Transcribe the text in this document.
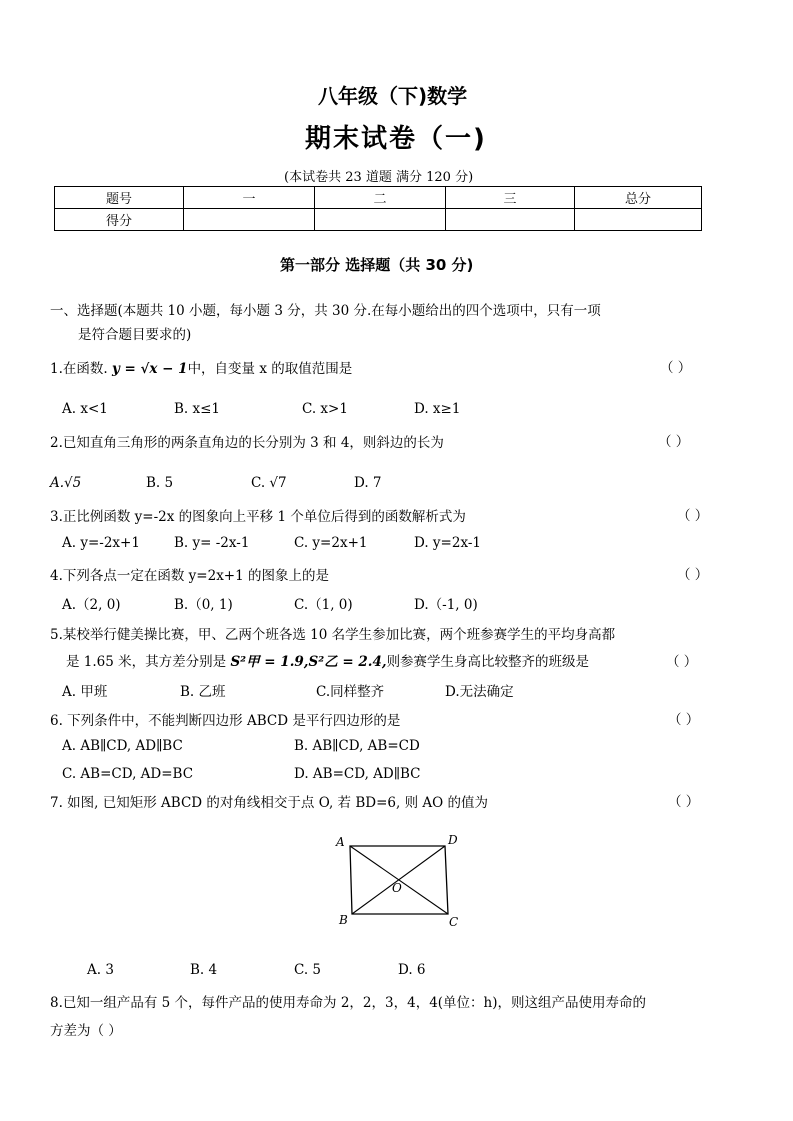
八年级（下)数学
期末试卷（一)
(本试卷共 23 道题 满分 120 分)
题号	一	二	三	总分
得分				
第一部分 选择题（共 30 分)
一、选择题(本题共 10 小题，每小题 3 分，共 30 分.在每小题给出的四个选项中，只有一项
是符合题目要求的)
1.在函数. y = √x − 1中，自变量 x 的取值范围是	（ ）
A. x<1	B. x≤1	C. x>1	D. x≥1
2.已知直角三角形的两条直角边的长分别为 3 和 4，则斜边的长为	（ ）
A.√5	B. 5	C. √7	D. 7
3.正比例函数 y=-2x 的图象向上平移 1 个单位后得到的函数解析式为	（ ）
A. y=-2x+1	B. y= -2x-1	C. y=2x+1	D. y=2x-1
4.下列各点一定在函数 y=2x+1 的图象上的是	（ ）
A.（2, 0)	B.（0, 1)	C.（1, 0)	D.（-1, 0)
5.某校举行健美操比赛，甲、乙两个班各选 10 名学生参加比赛，两个班参赛学生的平均身高都
是 1.65 米，其方差分别是 S²甲 = 1.9,S²乙 = 2.4,则参赛学生身高比较整齐的班级是	（ ）
A. 甲班	B. 乙班	C.同样整齐	D.无法确定
6. 下列条件中，不能判断四边形 ABCD 是平行四边形的是	（ ）
A. AB∥CD, AD∥BC	B. AB∥CD, AB=CD
C. AB=CD, AD=BC	D. AB=CD, AD∥BC
7. 如图, 已知矩形 ABCD 的对角线相交于点 O, 若 BD=6, 则 AO 的值为	（ ）
A	D
O
B	C
A. 3	B. 4	C. 5	D. 6
8.已知一组产品有 5 个，每件产品的使用寿命为 2，2，3，4，4(单位：h)，则这组产品使用寿命的
方差为（ ）
